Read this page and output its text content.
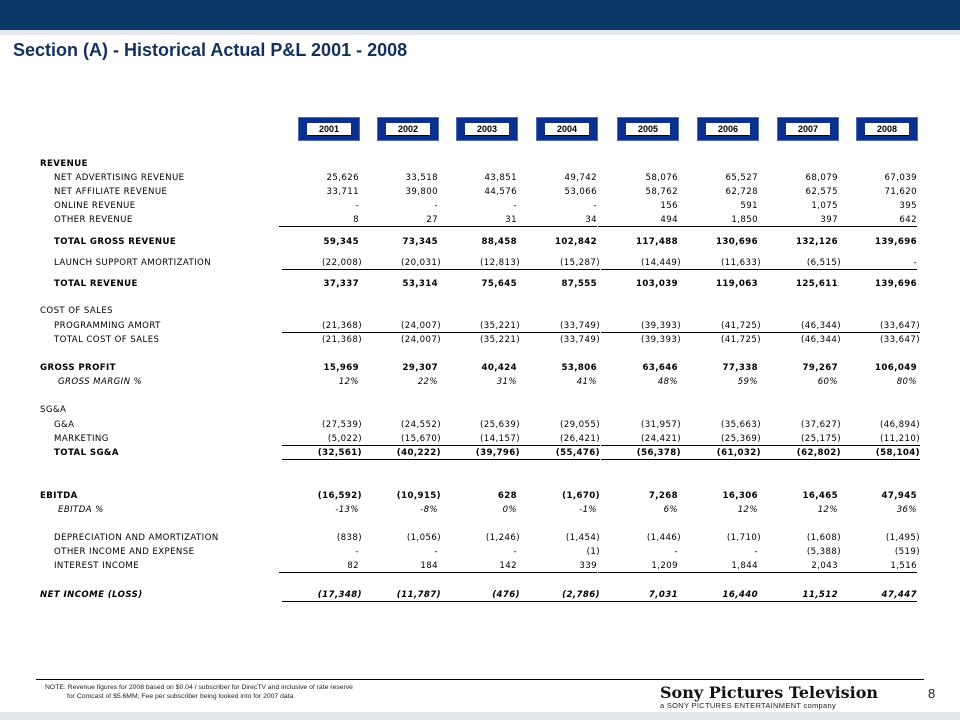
Section (A) - Historical Actual P&L 2001 - 2008
2001	2002	2003	2004	2005	2006	2007	2008
REVENUE
NET ADVERTISING REVENUE	25,626	33,518	43,851	49,742	58,076	65,527	68,079	67,039
NET AFFILIATE REVENUE	33,711	39,800	44,576	53,066	58,762	62,728	62,575	71,620
ONLINE REVENUE	-	-	-	-	156	591	1,075	395
OTHER REVENUE	8	27	31	34	494	1,850	397	642
TOTAL GROSS REVENUE	59,345	73,345	88,458	102,842	117,488	130,696	132,126	139,696
LAUNCH SUPPORT AMORTIZATION	(22,008)	(20,031)	(12,813)	(15,287)	(14,449)	(11,633)	(6,515)	-
TOTAL REVENUE	37,337	53,314	75,645	87,555	103,039	119,063	125,611	139,696
COST OF SALES
PROGRAMMING AMORT	(21,368)	(24,007)	(35,221)	(33,749)	(39,393)	(41,725)	(46,344)	(33,647)
TOTAL COST OF SALES	(21,368)	(24,007)	(35,221)	(33,749)	(39,393)	(41,725)	(46,344)	(33,647)
GROSS PROFIT	15,969	29,307	40,424	53,806	63,646	77,338	79,267	106,049
GROSS MARGIN %	12%	22%	31%	41%	48%	59%	60%	80%
SG&A
G&A	(27,539)	(24,552)	(25,639)	(29,055)	(31,957)	(35,663)	(37,627)	(46,894)
MARKETING	(5,022)	(15,670)	(14,157)	(26,421)	(24,421)	(25,369)	(25,175)	(11,210)
TOTAL SG&A	(32,561)	(40,222)	(39,796)	(55,476)	(56,378)	(61,032)	(62,802)	(58,104)
EBITDA	(16,592)	(10,915)	628	(1,670)	7,268	16,306	16,465	47,945
EBITDA %	-13%	-8%	0%	-1%	6%	12%	12%	36%
DEPRECIATION AND AMORTIZATION	(838)	(1,056)	(1,246)	(1,454)	(1,446)	(1,710)	(1,608)	(1,495)
OTHER INCOME AND EXPENSE	-	-	-	(1)	-	-	(5,388)	(519)
INTEREST INCOME	82	184	142	339	1,209	1,844	2,043	1,516
NET INCOME (LOSS)	(17,348)	(11,787)	(476)	(2,786)	7,031	16,440	11,512	47,447
NOTE: Revenue figures for 2008 based on $0.04 / subscriber for DirecTV and inclusive of rate reserve
for Comcast of $5.6MM; Fee per subscriber being looked into for 2007 data.	Sony Pictures Television
a SONY PICTURES ENTERTAINMENT company
8
